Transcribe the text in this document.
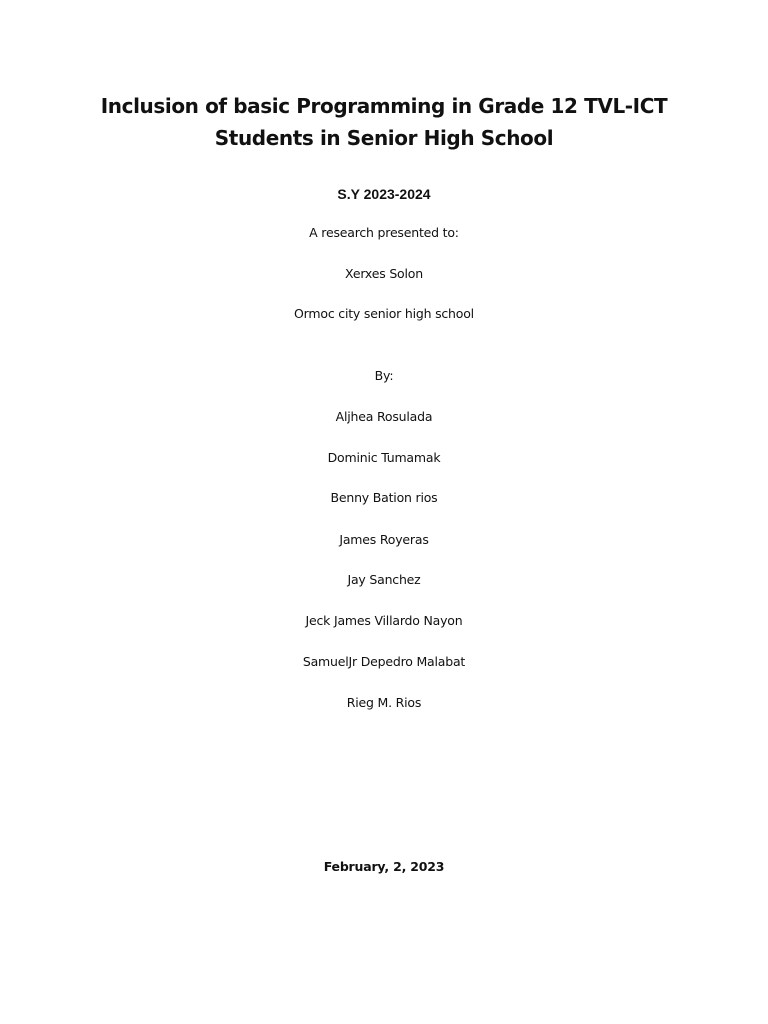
Inclusion of basic Programming in Grade 12 TVL-ICT
Students in Senior High School
S.Y 2023-2024
A research presented to:
Xerxes Solon
Ormoc city senior high school
By:
Aljhea Rosulada
Dominic Tumamak
Benny Bation rios
James Royeras
Jay Sanchez
Jeck James Villardo Nayon
SamuelJr Depedro Malabat
Rieg M. Rios
February, 2, 2023
